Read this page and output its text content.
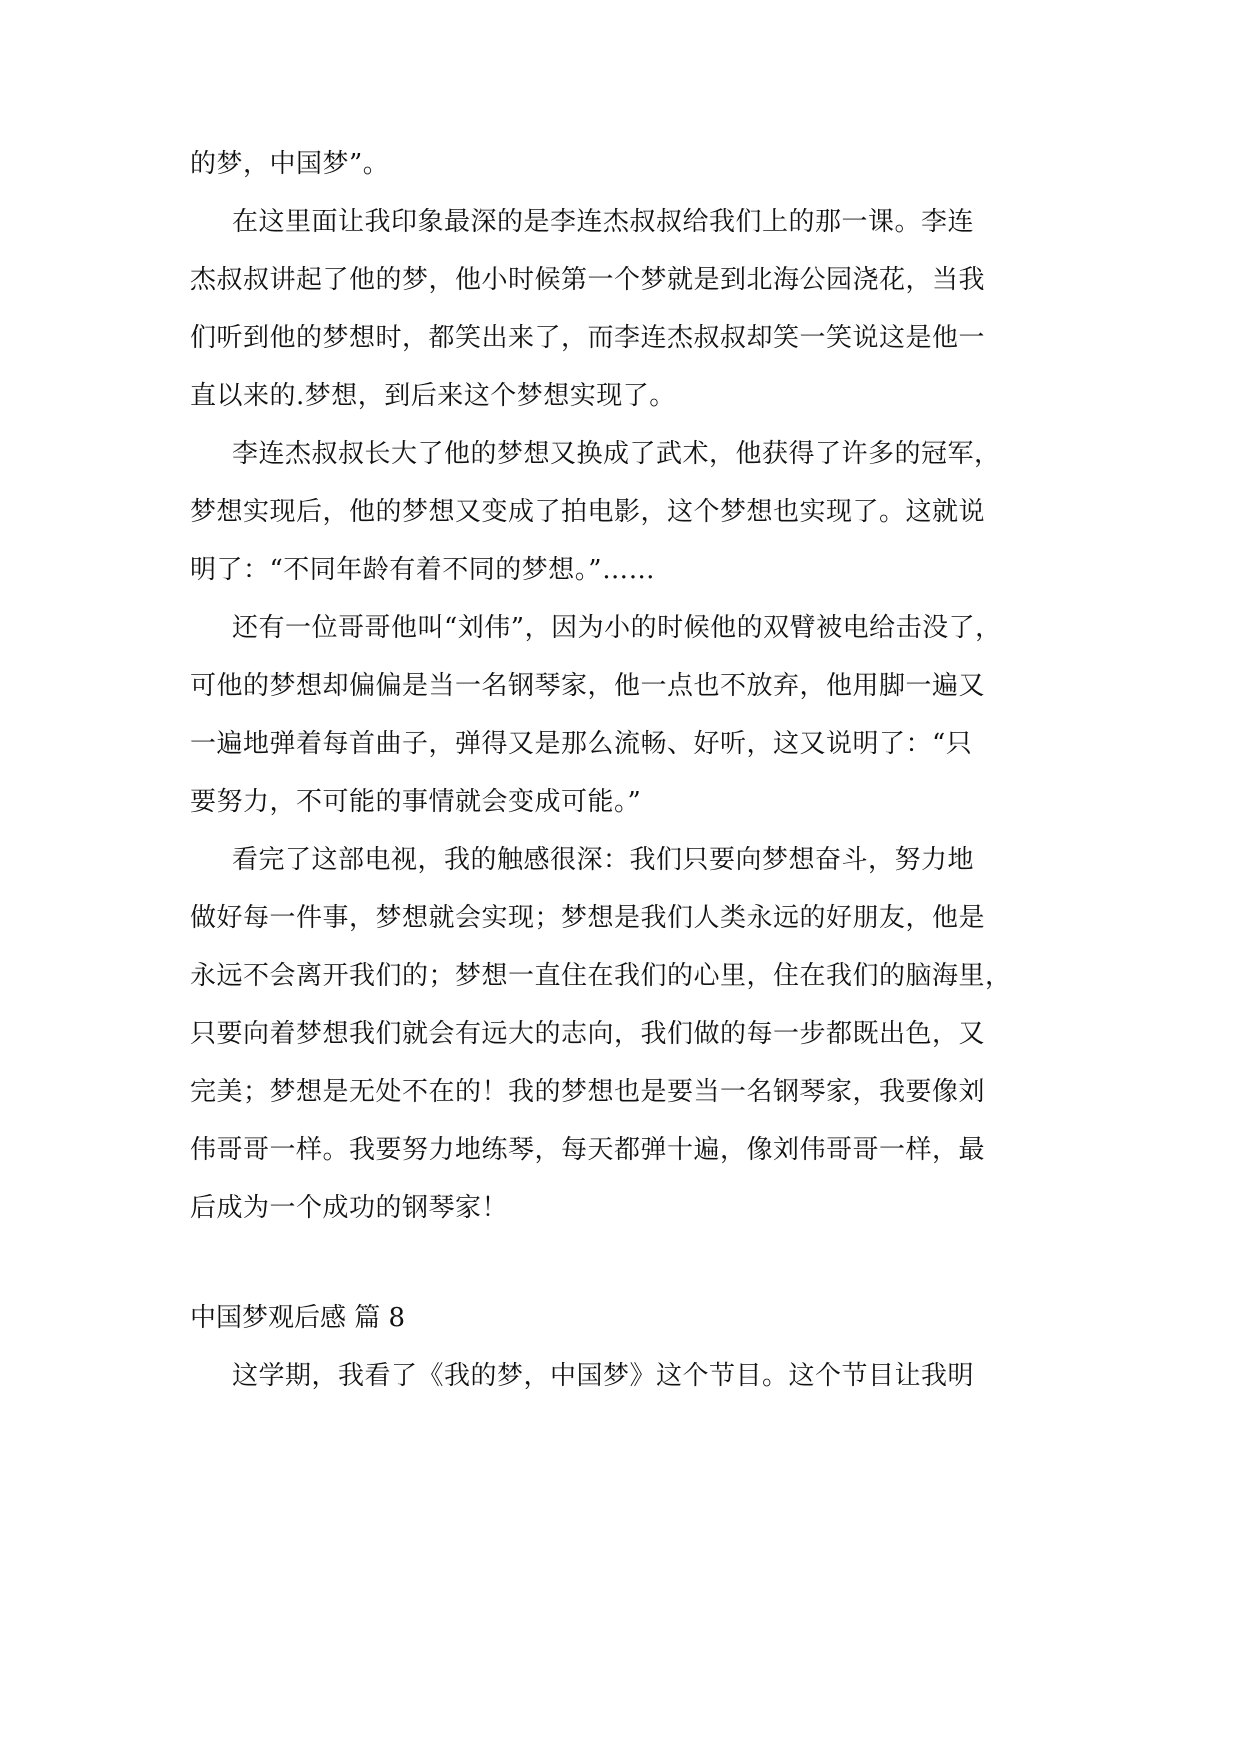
的梦，中国梦”。
在这里面让我印象最深的是李连杰叔叔给我们上的那一课。李连
杰叔叔讲起了他的梦，他小时候第一个梦就是到北海公园浇花，当我
们听到他的梦想时，都笑出来了，而李连杰叔叔却笑一笑说这是他一
直以来的.梦想，到后来这个梦想实现了。
李连杰叔叔长大了他的梦想又换成了武术，他获得了许多的冠军，
梦想实现后，他的梦想又变成了拍电影，这个梦想也实现了。这就说
明了：“不同年龄有着不同的梦想。”……
还有一位哥哥他叫“刘伟”，因为小的时候他的双臂被电给击没了，
可他的梦想却偏偏是当一名钢琴家，他一点也不放弃，他用脚一遍又
一遍地弹着每首曲子，弹得又是那么流畅、好听，这又说明了：“只
要努力，不可能的事情就会变成可能。”
看完了这部电视，我的触感很深：我们只要向梦想奋斗，努力地
做好每一件事，梦想就会实现；梦想是我们人类永远的好朋友，他是
永远不会离开我们的；梦想一直住在我们的心里，住在我们的脑海里，
只要向着梦想我们就会有远大的志向，我们做的每一步都既出色，又
完美；梦想是无处不在的！我的梦想也是要当一名钢琴家，我要像刘
伟哥哥一样。我要努力地练琴，每天都弹十遍，像刘伟哥哥一样，最
后成为一个成功的钢琴家！
中国梦观后感 篇 8
这学期，我看了《我的梦，中国梦》这个节目。这个节目让我明
